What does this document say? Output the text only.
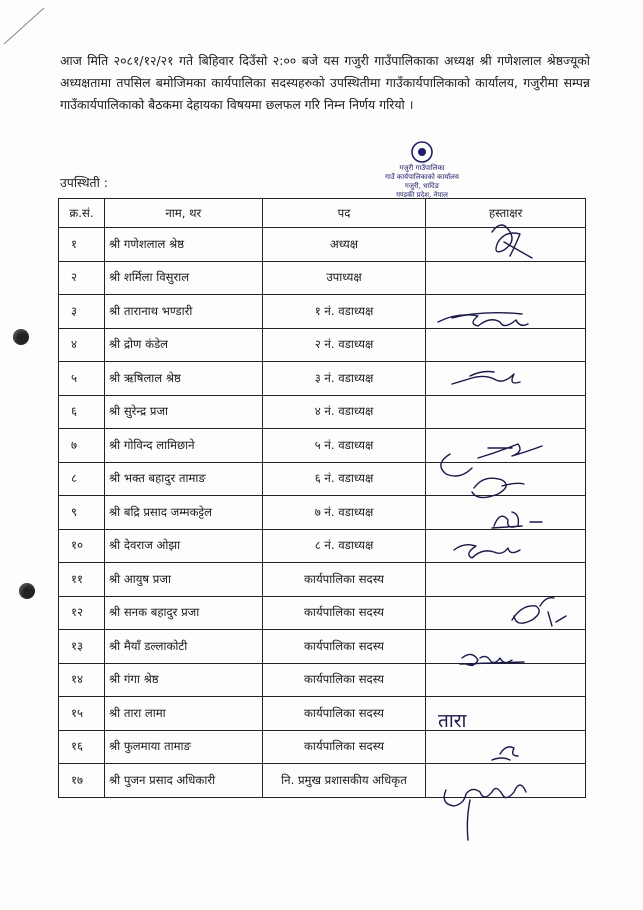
आज मिति २०८१/१२/२१ गते बिहिवार दिउँसो २:०० बजे यस गजुरी गाउँपालिकाका अध्यक्ष श्री गणेशलाल श्रेष्ठज्यूको अध्यक्षतामा तपसिल बमोजिमका कार्यपालिका सदस्यहरुको उपस्थितीमा गाउँकार्यपालिकाको कार्यालय, गजुरीमा सम्पन्न गाउँकार्यपालिकाको बैठकमा देहायका विषयमा छलफल गरि निम्न निर्णय गरियो ।
उपस्थिती :
गजुरी गाउँपालिका
गाउँ कार्यपालिकाको कार्यालय
गजुरी, धादिङ
गण्डकी प्रदेश, नेपाल
क्र.सं.	नाम, थर	पद	हस्ताक्षर
१	श्री गणेशलाल श्रेष्ठ	अध्यक्ष	
२	श्री शर्मिला विसुराल	उपाध्यक्ष	
३	श्री तारानाथ भण्डारी	१ नं. वडाध्यक्ष	
४	श्री द्रोण कंडेल	२ नं. वडाध्यक्ष	
५	श्री ऋषिलाल श्रेष्ठ	३ नं. वडाध्यक्ष	
६	श्री सुरेन्द्र प्रजा	४ नं. वडाध्यक्ष	
७	श्री गोविन्द लामिछाने	५ नं. वडाध्यक्ष	
८	श्री भक्त बहादुर तामाङ	६ नं. वडाध्यक्ष	
९	श्री बद्रि प्रसाद जम्मकट्टेल	७ नं. वडाध्यक्ष	
१०	श्री देवराज ओझा	८ नं. वडाध्यक्ष	
११	श्री आयुष प्रजा	कार्यपालिका सदस्य	
१२	श्री सनक बहादुर प्रजा	कार्यपालिका सदस्य	
१३	श्री मैयाँ डल्लाकोटी	कार्यपालिका सदस्य	
१४	श्री गंगा श्रेष्ठ	कार्यपालिका सदस्य	
१५	श्री तारा लामा	कार्यपालिका सदस्य	
१६	श्री फुलमाया तामाङ	कार्यपालिका सदस्य	
१७	श्री पुजन प्रसाद अधिकारी	नि. प्रमुख प्रशासकीय अधिकृत	
तारा
